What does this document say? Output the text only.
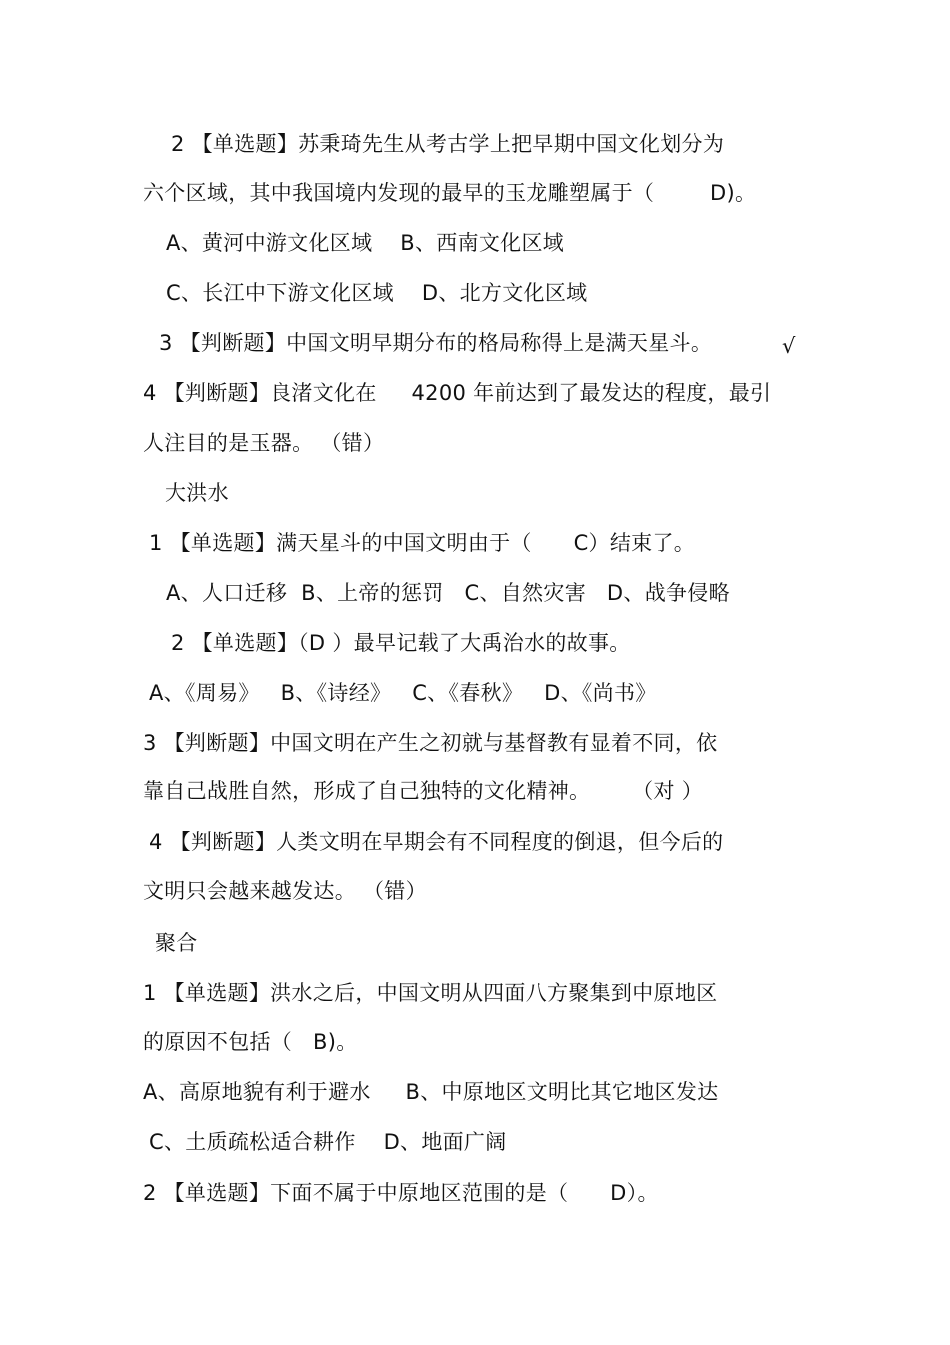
2 【单选题】苏秉琦先生从考古学上把早期中国文化划分为
六个区域，其中我国境内发现的最早的玉龙雕塑属于（        D)。
A、黄河中游文化区域    B、西南文化区域
C、长江中下游文化区域    D、北方文化区域
3 【判断题】中国文明早期分布的格局称得上是满天星斗。	√
4 【判断题】良渚文化在     4200 年前达到了最发达的程度，最引
人注目的是玉器。 （错）
大洪水
1 【单选题】满天星斗的中国文明由于（      C）结束了。
A、人口迁移  B、上帝的惩罚   C、自然灾害   D、战争侵略
2 【单选题】（D ）最早记载了大禹治水的故事。
A、《周易》   B、《诗经》   C、《春秋》   D、《尚书》
3 【判断题】中国文明在产生之初就与基督教有显着不同，依
靠自己战胜自然，形成了自己独特的文化精神。      （对 ）
4 【判断题】人类文明在早期会有不同程度的倒退，但今后的
文明只会越来越发达。 （错）
聚合
1 【单选题】洪水之后，中国文明从四面八方聚集到中原地区
的原因不包括（   B)。
A、高原地貌有利于避水     B、中原地区文明比其它地区发达
C、土质疏松适合耕作    D、地面广阔
2 【单选题】下面不属于中原地区范围的是（      D）。
